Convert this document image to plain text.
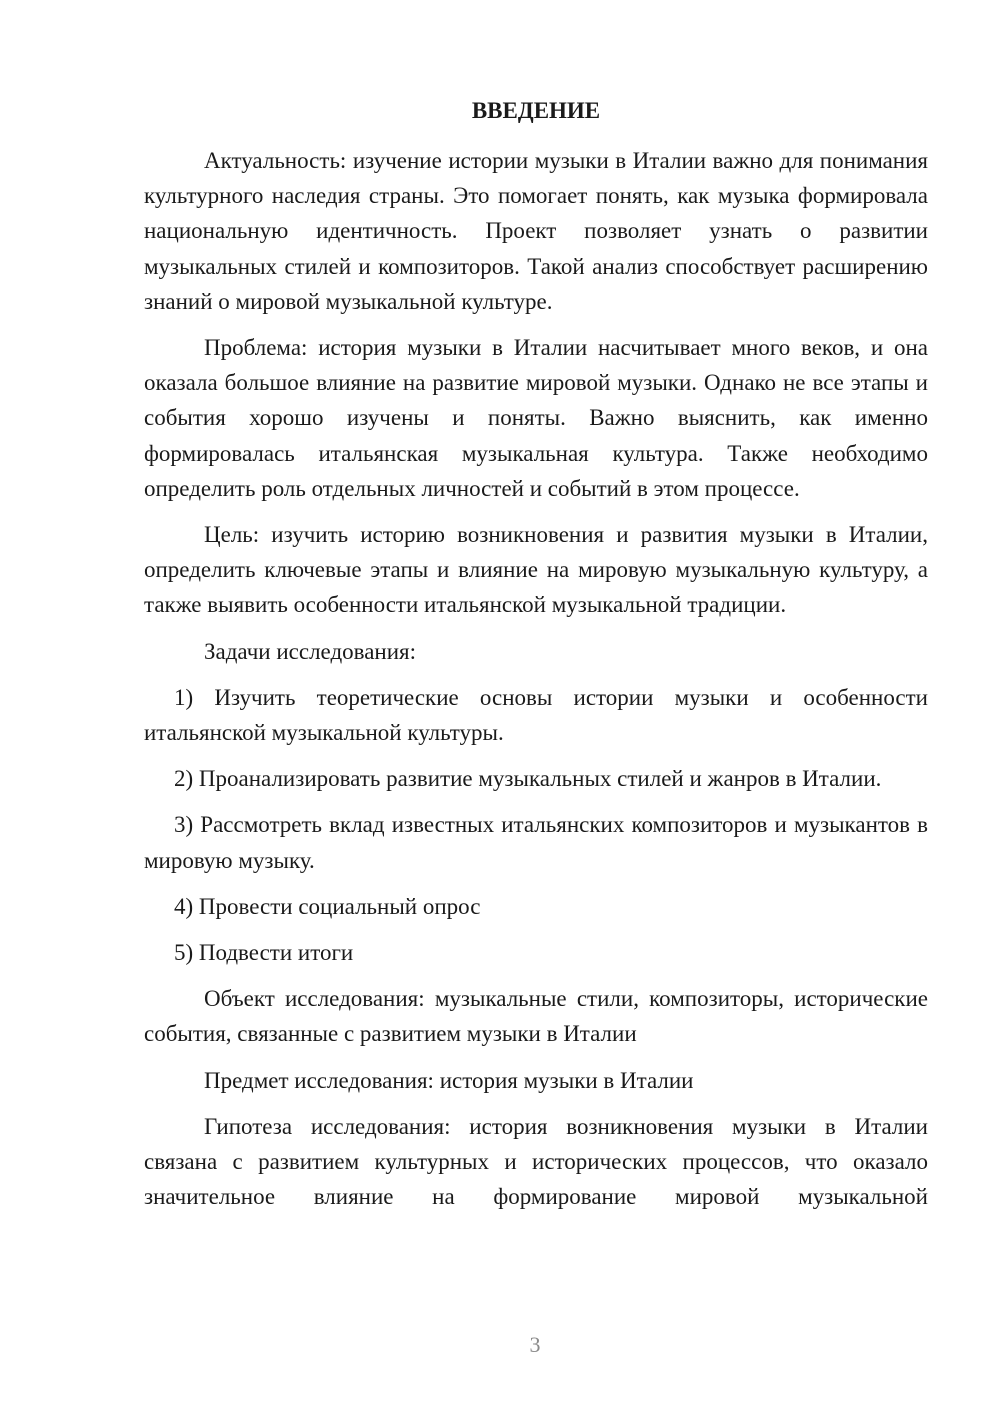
ВВЕДЕНИЕ

Актуальность: изучение истории музыки в Италии важно для понимания культурного наследия страны. Это помогает понять, как музыка формировала национальную идентичность. Проект позволяет узнать о развитии музыкальных стилей и композиторов. Такой анализ способствует расширению знаний о мировой музыкальной культуре.

Проблема: история музыки в Италии насчитывает много веков, и она оказала большое влияние на развитие мировой музыки. Однако не все этапы и события хорошо изучены и поняты. Важно выяснить, как именно формировалась итальянская музыкальная культура. Также необходимо определить роль отдельных личностей и событий в этом процессе.

Цель: изучить историю возникновения и развития музыки в Италии, определить ключевые этапы и влияние на мировую музыкальную культуру, а также выявить особенности итальянской музыкальной традиции.

Задачи исследования:

1) Изучить теоретические основы истории музыки и особенности итальянской музыкальной культуры.

2) Проанализировать развитие музыкальных стилей и жанров в Италии.

3) Рассмотреть вклад известных итальянских композиторов и музыкантов в мировую музыку.

4) Провести социальный опрос

5) Подвести итоги

Объект исследования: музыкальные стили, композиторы, исторические события, связанные с развитием музыки в Италии

Предмет исследования: история музыки в Италии

Гипотеза исследования: история возникновения музыки в Италии связана с развитием культурных и исторических процессов, что оказало значительное влияние на формирование мировой музыкальной

3
